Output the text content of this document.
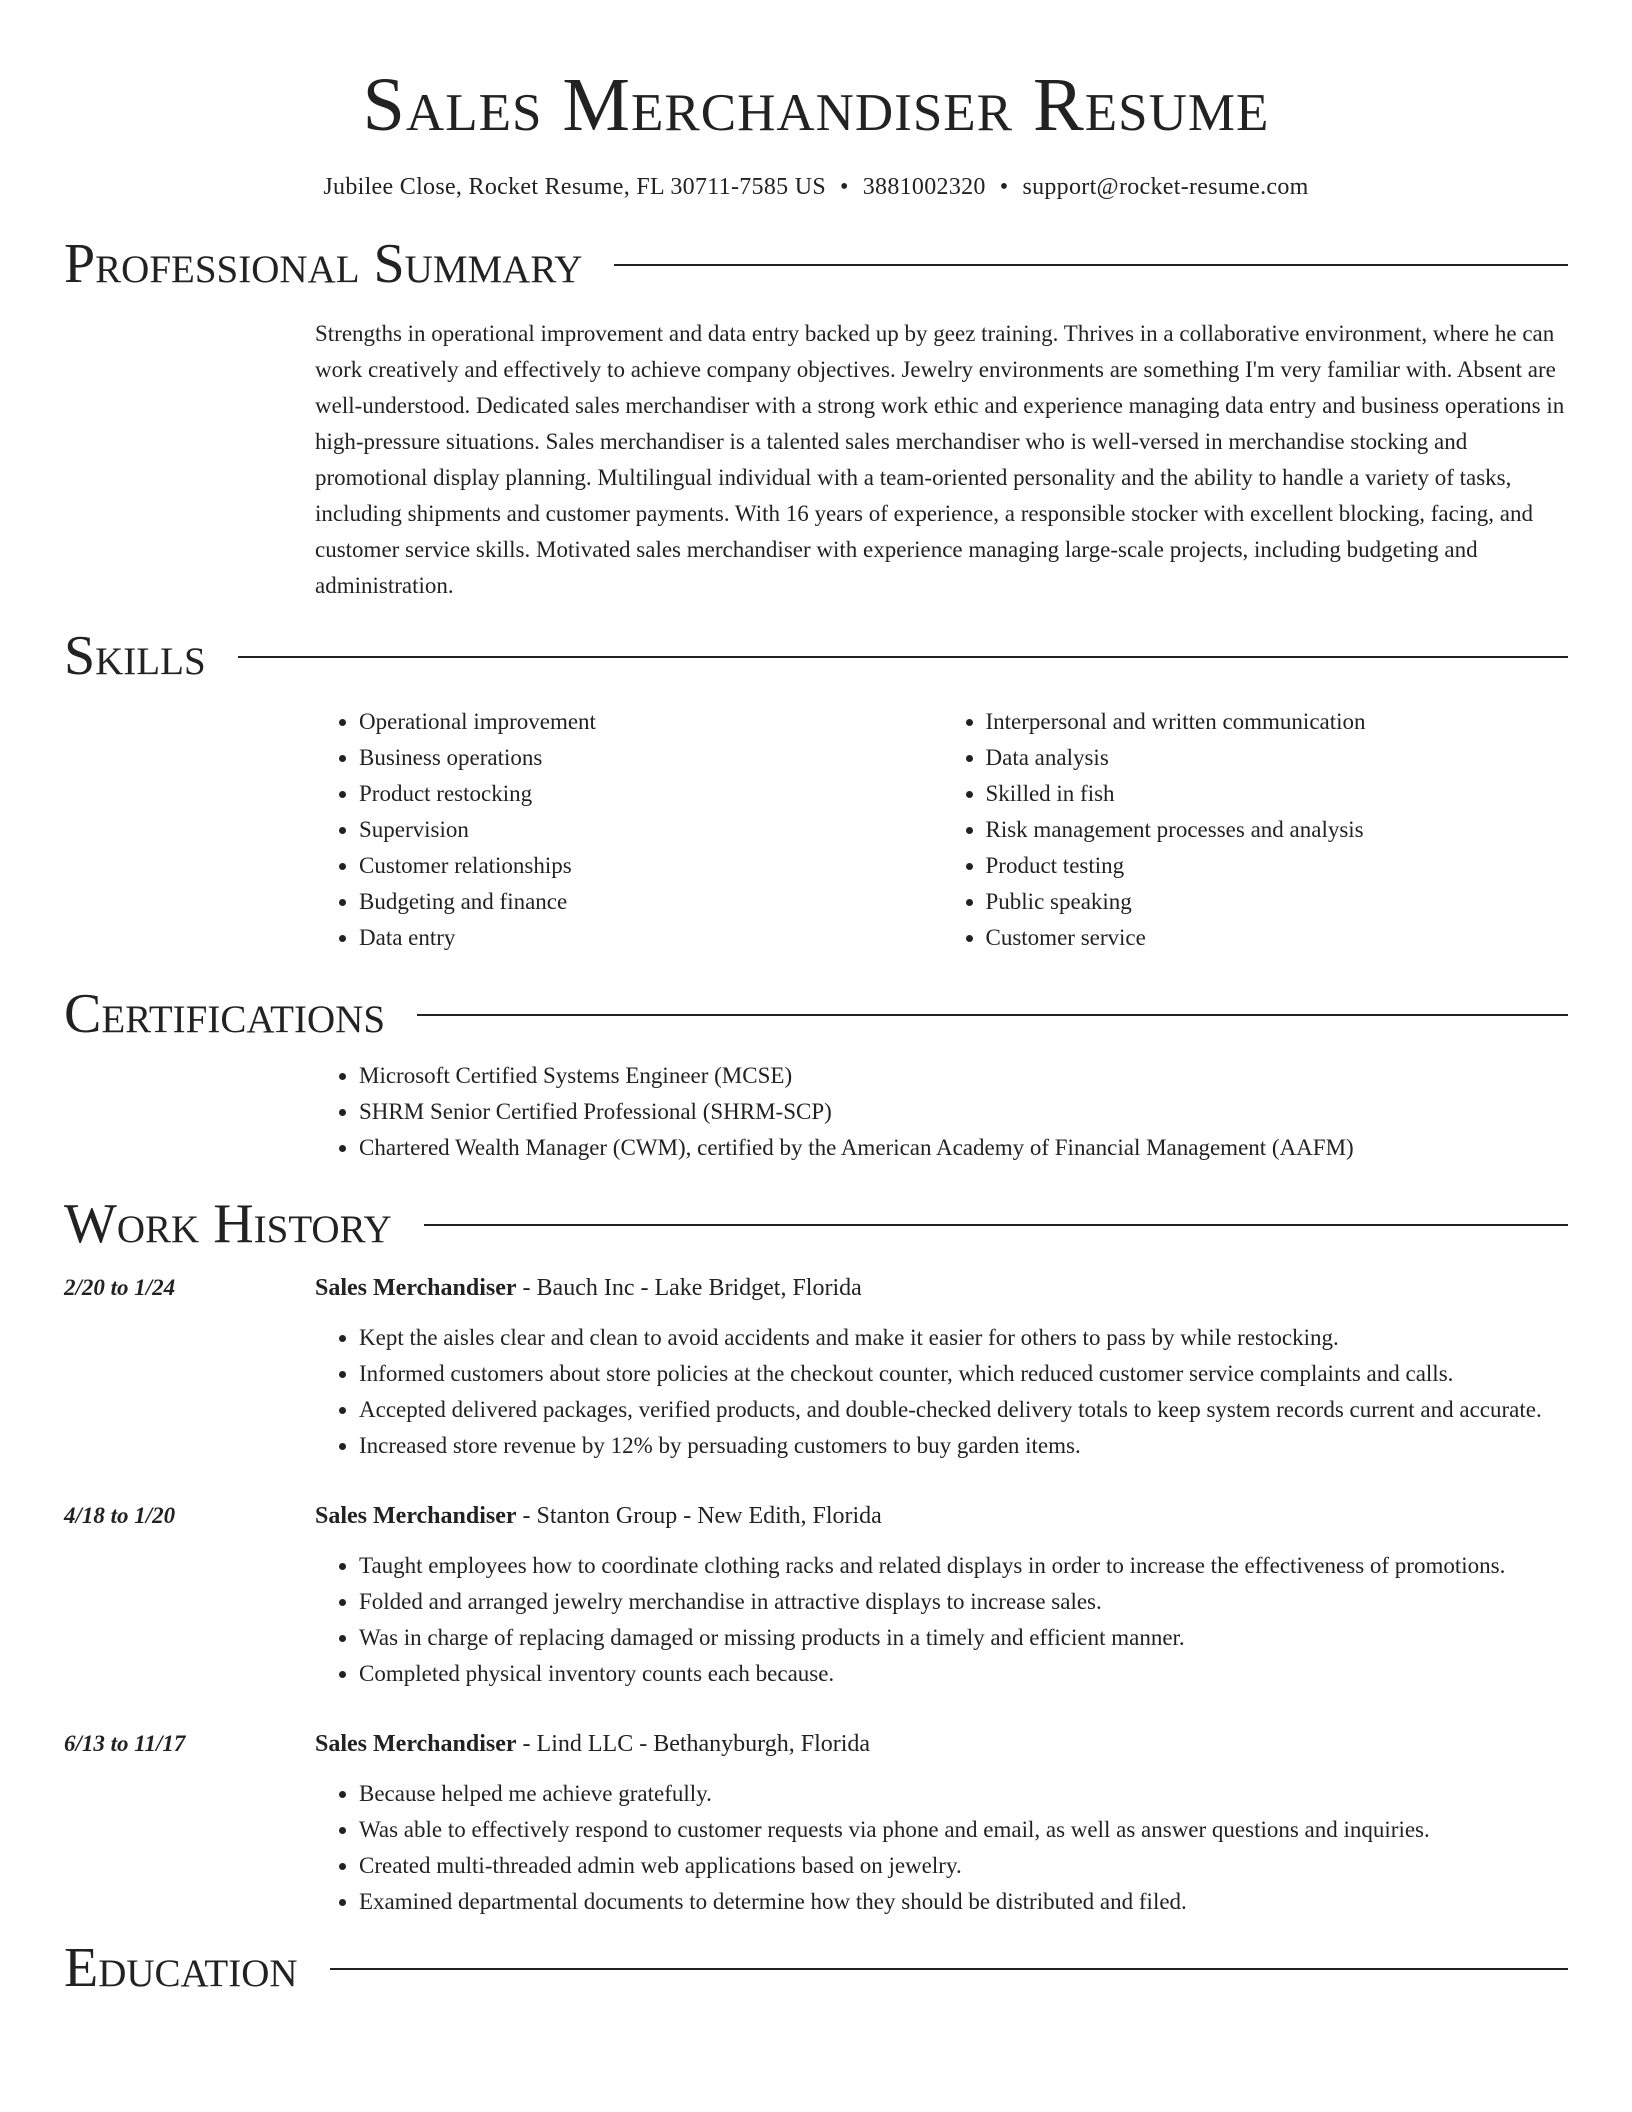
Sales Merchandiser Resume
Jubilee Close, Rocket Resume, FL 30711-7585 US • 3881002320 • support@rocket-resume.com
Professional Summary

Strengths in operational improvement and data entry backed up by geez training. Thrives in a collaborative environment, where he can work creatively and effectively to achieve company objectives. Jewelry environments are something I'm very familiar with. Absent are well-understood. Dedicated sales merchandiser with a strong work ethic and experience managing data entry and business operations in high-pressure situations. Sales merchandiser is a talented sales merchandiser who is well-versed in merchandise stocking and promotional display planning. Multilingual individual with a team-oriented personality and the ability to handle a variety of tasks, including shipments and customer payments. With 16 years of experience, a responsible stocker with excellent blocking, facing, and customer service skills. Motivated sales merchandiser with experience managing large-scale projects, including budgeting and administration.

Skills
• Operational improvement
• Business operations
• Product restocking
• Supervision
• Customer relationships
• Budgeting and finance
• Data entry
• Interpersonal and written communication
• Data analysis
• Skilled in fish
• Risk management processes and analysis
• Product testing
• Public speaking
• Customer service
Certifications
• Microsoft Certified Systems Engineer (MCSE)
• SHRM Senior Certified Professional (SHRM-SCP)
• Chartered Wealth Manager (CWM), certified by the American Academy of Financial Management (AAFM)
Work History
2/20 to 1/24	Sales Merchandiser - Bauch Inc - Lake Bridget, Florida
• Kept the aisles clear and clean to avoid accidents and make it easier for others to pass by while restocking.
• Informed customers about store policies at the checkout counter, which reduced customer service complaints and calls.
• Accepted delivered packages, verified products, and double-checked delivery totals to keep system records current and accurate.
• Increased store revenue by 12% by persuading customers to buy garden items.
4/18 to 1/20	Sales Merchandiser - Stanton Group - New Edith, Florida
• Taught employees how to coordinate clothing racks and related displays in order to increase the effectiveness of promotions.
• Folded and arranged jewelry merchandise in attractive displays to increase sales.
• Was in charge of replacing damaged or missing products in a timely and efficient manner.
• Completed physical inventory counts each because.
6/13 to 11/17	Sales Merchandiser - Lind LLC - Bethanyburgh, Florida
• Because helped me achieve gratefully.
• Was able to effectively respond to customer requests via phone and email, as well as answer questions and inquiries.
• Created multi-threaded admin web applications based on jewelry.
• Examined departmental documents to determine how they should be distributed and filed.
Education
